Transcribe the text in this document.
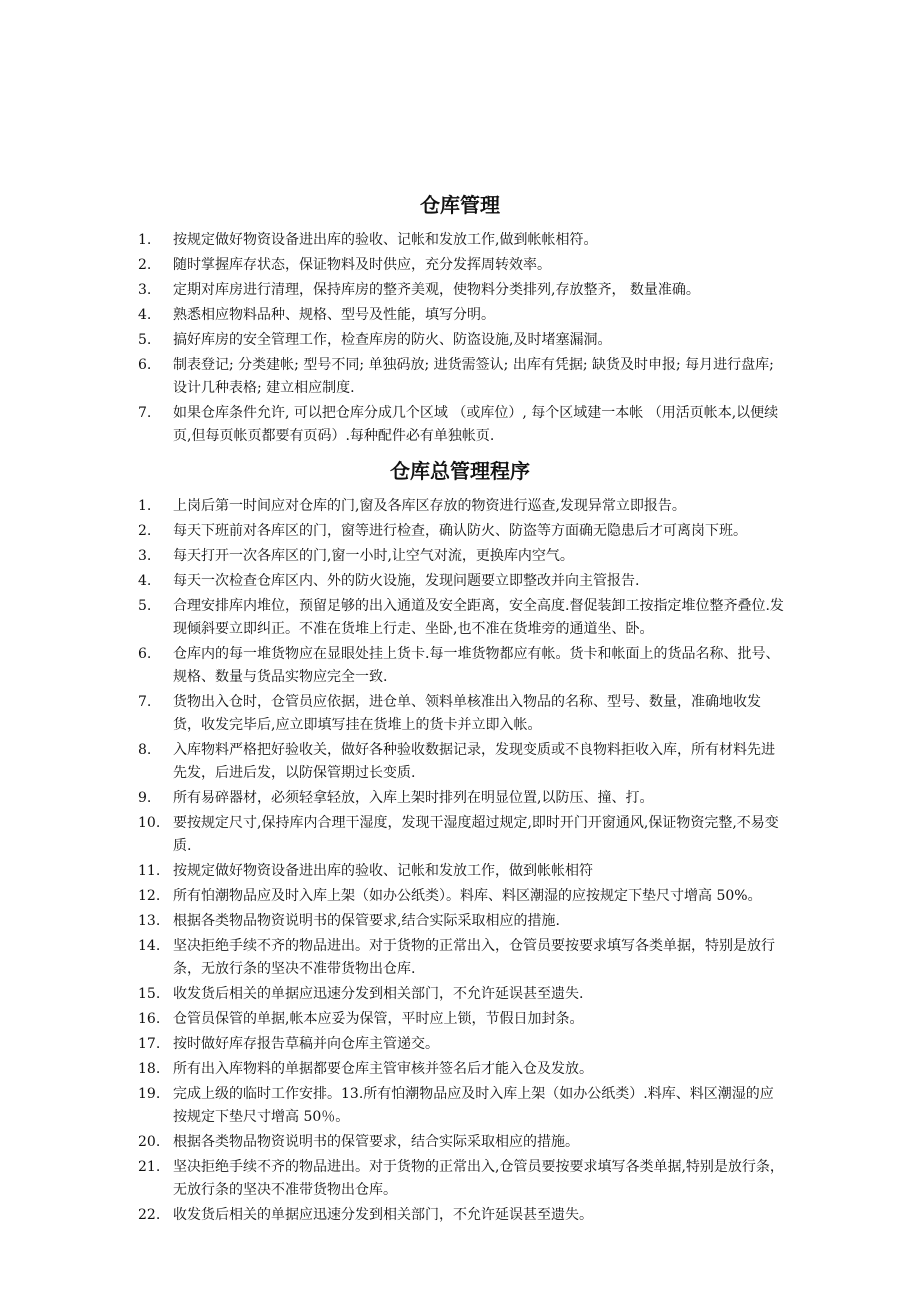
仓库管理
1.	按规定做好物资设备进出库的验收、记帐和发放工作,做到帐帐相符。
2.	随时掌握库存状态，保证物料及时供应，充分发挥周转效率。
3.	定期对库房进行清理，保持库房的整齐美观，使物料分类排列,存放整齐， 数量准确。
4.	熟悉相应物料品种、规格、型号及性能，填写分明。
5.	搞好库房的安全管理工作，检查库房的防火、防盗设施,及时堵塞漏洞。
6.	制表登记; 分类建帐; 型号不同; 单独码放; 进货需签认; 出库有凭据; 缺货及时申报; 每月进行盘库; 设计几种表格; 建立相应制度.
7.	如果仓库条件允许, 可以把仓库分成几个区域 （或库位）, 每个区域建一本帐 （用活页帐本,以便续页,但每页帐页都要有页码）.每种配件必有单独帐页.
仓库总管理程序
1.	上岗后第一时间应对仓库的门,窗及各库区存放的物资进行巡查,发现异常立即报告。
2.	每天下班前对各库区的门，窗等进行检查，确认防火、防盗等方面确无隐患后才可离岗下班。
3.	每天打开一次各库区的门,窗一小时,让空气对流，更换库内空气。
4.	每天一次检查仓库区内、外的防火设施，发现问题要立即整改并向主管报告.
5.	合理安排库内堆位，预留足够的出入通道及安全距离，安全高度.督促装卸工按指定堆位整齐叠位.发现倾斜要立即纠正。不准在货堆上行走、坐卧,也不准在货堆旁的通道坐、卧。
6.	仓库内的每一堆货物应在显眼处挂上货卡.每一堆货物都应有帐。货卡和帐面上的货品名称、批号、规格、数量与货品实物应完全一致.
7.	货物出入仓时，仓管员应依据，进仓单、领料单核准出入物品的名称、型号、数量，准确地收发货，收发完毕后,应立即填写挂在货堆上的货卡并立即入帐。
8.	入库物料严格把好验收关，做好各种验收数据记录，发现变质或不良物料拒收入库，所有材料先进先发，后进后发，以防保管期过长变质.
9.	所有易碎器材，必须轻拿轻放，入库上架时排列在明显位置,以防压、撞、打。
10. 要按规定尺寸,保持库内合理干湿度，发现干湿度超过规定,即时开门开窗通风,保证物资完整,不易变质.
11. 按规定做好物资设备进出库的验收、记帐和发放工作，做到帐帐相符
12. 所有怕潮物品应及时入库上架（如办公纸类）。料库、料区潮湿的应按规定下垫尺寸增高 50%。
13. 根据各类物品物资说明书的保管要求,结合实际采取相应的措施.
14. 坚决拒绝手续不齐的物品进出。对于货物的正常出入，仓管员要按要求填写各类单据，特别是放行条，无放行条的坚决不准带货物出仓库.
15. 收发货后相关的单据应迅速分发到相关部门，不允许延误甚至遗失.
16. 仓管员保管的单据,帐本应妥为保管，平时应上锁，节假日加封条。
17. 按时做好库存报告草稿并向仓库主管递交。
18. 所有出入库物料的单据都要仓库主管审核并签名后才能入仓及发放。
19. 完成上级的临时工作安排。13.所有怕潮物品应及时入库上架（如办公纸类）.料库、料区潮湿的应按规定下垫尺寸增高 50％。
20. 根据各类物品物资说明书的保管要求，结合实际采取相应的措施。
21. 坚决拒绝手续不齐的物品进出。对于货物的正常出入,仓管员要按要求填写各类单据,特别是放行条，无放行条的坚决不准带货物出仓库。
22. 收发货后相关的单据应迅速分发到相关部门，不允许延误甚至遗失。
